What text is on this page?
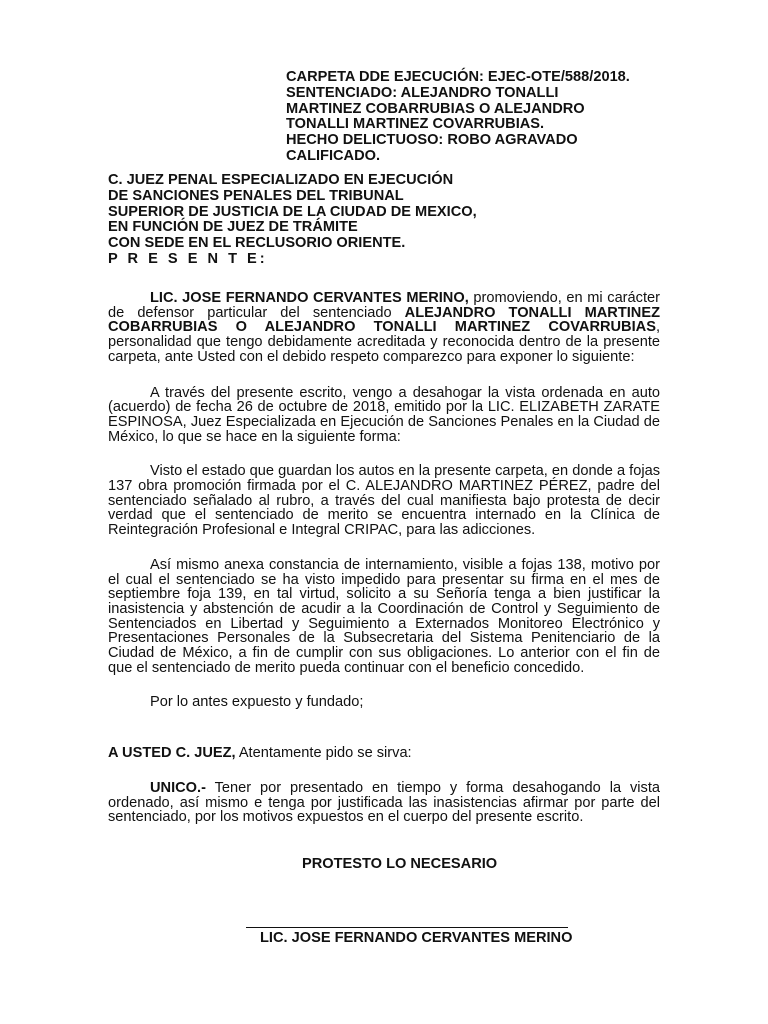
CARPETA DDE EJECUCIÓN: EJEC-OTE/588/2018.
SENTENCIADO: ALEJANDRO TONALLI
MARTINEZ COBARRUBIAS O ALEJANDRO
TONALLI MARTINEZ COVARRUBIAS.
HECHO DELICTUOSO: ROBO AGRAVADO
CALIFICADO.
C. JUEZ PENAL ESPECIALIZADO EN EJECUCIÓN
DE SANCIONES PENALES DEL TRIBUNAL
SUPERIOR DE JUSTICIA DE LA CIUDAD DE MEXICO,
EN FUNCIÓN DE JUEZ DE TRÁMITE
CON SEDE EN EL RECLUSORIO ORIENTE.
P R E S E N T E:

LIC. JOSE FERNANDO CERVANTES MERINO, promoviendo, en mi carácter de defensor particular del sentenciado ALEJANDRO TONALLI MARTINEZ COBARRUBIAS O ALEJANDRO TONALLI MARTINEZ COVARRUBIAS, personalidad que tengo debidamente acreditada y reconocida dentro de la presente carpeta, ante Usted con el debido respeto comparezco para exponer lo siguiente:

A través del presente escrito, vengo a desahogar la vista ordenada en auto (acuerdo) de fecha 26 de octubre de 2018, emitido por la LIC. ELIZABETH ZARATE ESPINOSA, Juez Especializada en Ejecución de Sanciones Penales en la Ciudad de México, lo que se hace en la siguiente forma:

Visto el estado que guardan los autos en la presente carpeta, en donde a fojas 137 obra promoción firmada por el C. ALEJANDRO MARTINEZ PÉREZ, padre del sentenciado señalado al rubro, a través del cual manifiesta bajo protesta de decir verdad que el sentenciado de merito se encuentra internado en la Clínica de Reintegración Profesional e Integral CRIPAC, para las adicciones.

Así mismo anexa constancia de internamiento, visible a fojas 138, motivo por el cual el sentenciado se ha visto impedido para presentar su firma en el mes de septiembre foja 139, en tal virtud, solicito a su Señoría tenga a bien justificar la inasistencia y abstención de acudir a la Coordinación de Control y Seguimiento de Sentenciados en Libertad y Seguimiento a Externados Monitoreo Electrónico y Presentaciones Personales de la Subsecretaria del Sistema Penitenciario de la Ciudad de México, a fin de cumplir con sus obligaciones. Lo anterior con el fin de que el sentenciado de merito pueda continuar con el beneficio concedido.

Por lo antes expuesto y fundado;

A USTED C. JUEZ, Atentamente pido se sirva:

UNICO.- Tener por presentado en tiempo y forma desahogando la vista ordenado, así mismo e tenga por justificada las inasistencias afirmar por parte del sentenciado, por los motivos expuestos en el cuerpo del presente escrito.

PROTESTO LO NECESARIO
LIC. JOSE FERNANDO CERVANTES MERINO
